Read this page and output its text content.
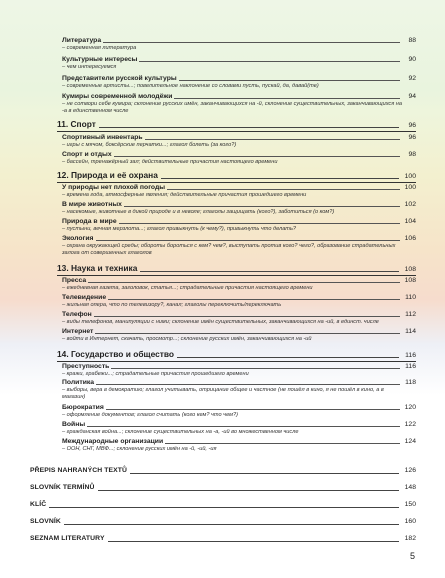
Литература	88
– современная литература
Культурные интересы	90
– чем интересуемся
Представители русской культуры	92
– современные артисты...; повелительное наклонение со словами пусть, пускай, да, давай(те)
Кумиры современной молодёжи	94
– не сотвори себе кумира; склонение русских имён, заканчивающихся на -й, склонение существительных, заканчивающихся на -а в единственном числе
11. Спорт	96
Спортивный инвентарь	96
– игры с мячом, боксёрские перчатки...; глагол болеть (за кого?)
Спорт и отдых	98
– бассейн, тренажёрный зал; действительные причастия настоящего времени
12. Природа и её охрана	100
У природы нет плохой погоды	100
– времена года, атмосферные явления; действительные причастия прошедшего времени
В мире животных	102
– насекомые, животные в дикой природе и в неволе; глаголы защищать (кого?), заботиться (о ком?)
Природа в мире	104
– пустыни, вечная мерзлота...; глагол привыкнуть (к чему?), привыкнуть что делать?
Экология	106
– охрана окружающей среды; обороты бороться с кем? чем?, выступать против кого? чего?, образование страдательных залога от совершенных глаголов
13. Наука и техника	108
Пресса	108
– ежедневная газета, заголовок, статья...; страдательные причастия настоящего времени
Телевидение	110
– жильная опера, что по телевизору?, канал; глаголы переключить/переключать
Телефон	112
– виды телефонов, манипуляции с ними; склонение имён существительных, заканчивающихся на -ий, в единст. числе
Интернет	114
– войти в Интернет, скачать, просмотр...; склонение русских имён, заканчивающихся на -ий
14. Государство и общество	116
Преступность	116
– кражи, грабежи...; страдательные причастия прошедшего времени
Политика	118
– выборы, вера в демократию; глагол учитывать, отрицание общее и частное (не пошёл в кино, я не пошёл в кино, а в магазин)
Бюрократия	120
– оформление документов; глагол считать (кого кем? что чем?)
Войны	122
– гражданская война...; склонение существительных на -а, -ий во множественном числе
Международные организации	124
– ООН, СНГ, МВФ...; склонение русских имён на -й, -ий, -ия
PŘEPIS NAHRANÝCH TEXTŮ	126
SLOVNÍK TERMÍNŮ	148
KLÍČ	150
SLOVNÍK	160
SEZNAM LITERATURY	182
5
